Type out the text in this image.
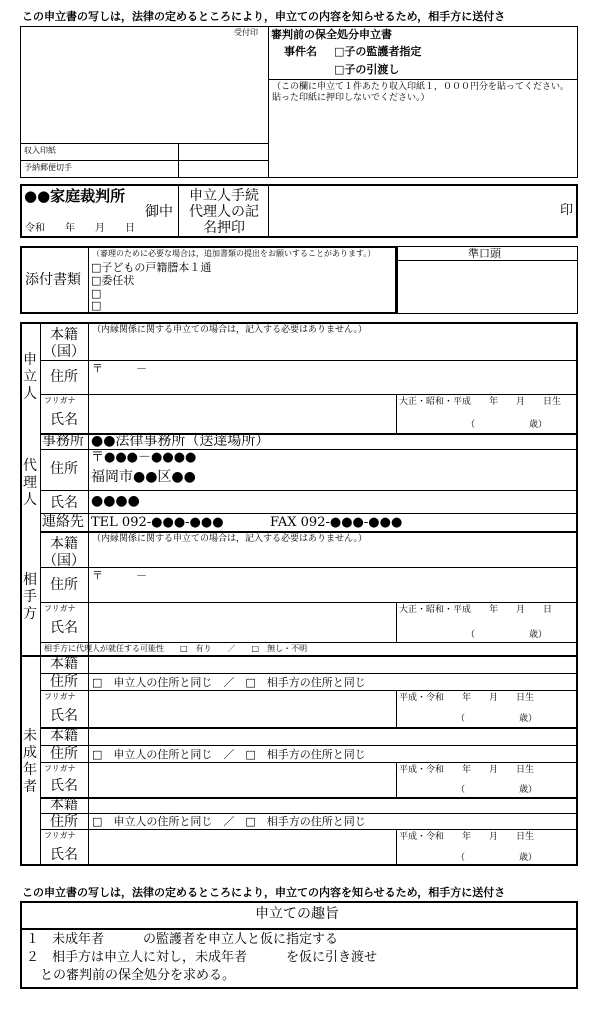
この申立書の写しは，法律の定めるところにより，申立ての内容を知らせるため，相手方に送付さ
受付印
収入印紙
予納郵便切手
審判前の保全処分申立書
事件名 □子の監護者指定
□子の引渡し
（この欄に申立て１件あたり収入印紙１，０００円分を貼ってください。貼った印紙に押印しないでください。）
●●家庭裁判所
御中
令和　　年　　月　　日
申立人手続代理人の記名押印
印
添付書類
（審理のために必要な場合は，追加書類の提出をお願いすることがあります。）
□子どもの戸籍謄本１通
□委任状
□
□
準口頭
申立人
本籍（国）
（内縁関係に関する申立ての場合は，記入する必要はありません。）
住所
〒　　　－
フリガナ
氏名
大正・昭和・平成　　年　　月　　日生
（　　　　　　歳）
代理人
事務所 ●●法律事務所（送達場所）
住所
〒●●●－●●●●
福岡市●●区●●
氏名 ●●●●
連絡先 TEL 092-●●●-●●●	FAX 092-●●●-●●●
相手方
本籍（国）
（内縁関係に関する申立ての場合は，記入する必要はありません。）
住所
〒　　　－
フリガナ
氏名
大正・昭和・平成　　年　　月　　日
（　　　　　　歳）
相手方に代理人が就任する可能性　　□　有り　　／　　□　無し・不明
未成年者
本籍
住所 □　申立人の住所と同じ　／　□　相手方の住所と同じ
フリガナ
氏名
平成・令和　　年　　月　　日生
（　　　　　　歳）
本籍
住所 □　申立人の住所と同じ　／　□　相手方の住所と同じ
フリガナ
氏名
平成・令和　　年　　月　　日生
（　　　　　　歳）
本籍
住所 □　申立人の住所と同じ　／　□　相手方の住所と同じ
フリガナ
氏名
平成・令和　　年　　月　　日生
（　　　　　　歳）
この申立書の写しは，法律の定めるところにより，申立ての内容を知らせるため，相手方に送付さ
申立ての趣旨
１　未成年者　　　の監護者を申立人と仮に指定する
２　相手方は申立人に対し，未成年者　　　を仮に引き渡せ
との審判前の保全処分を求める。
